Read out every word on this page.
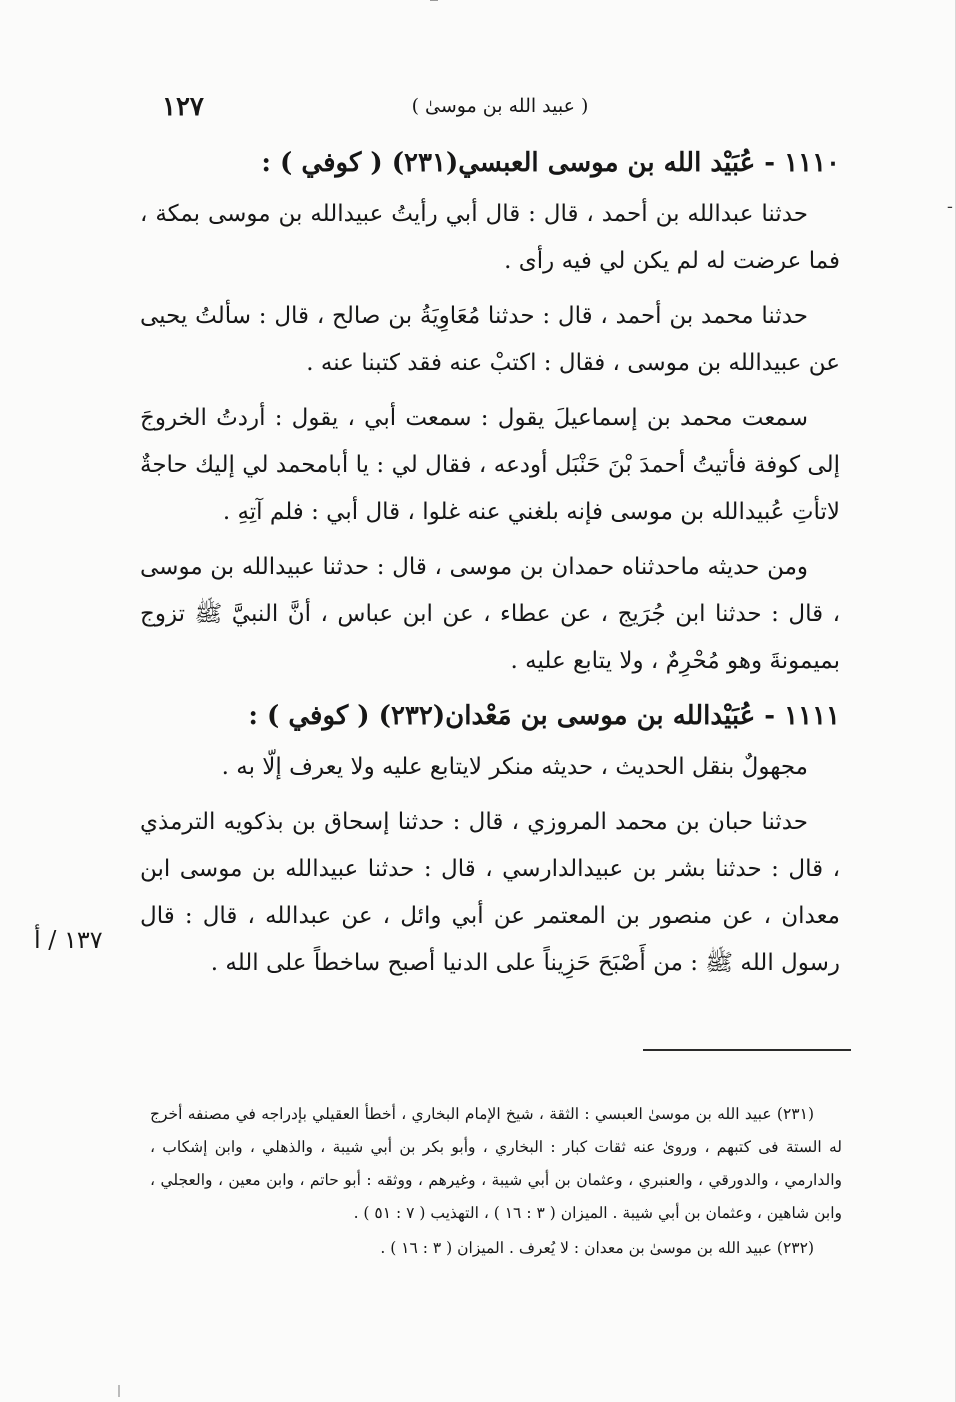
ـ
١٢٧	( عبيد الله بن موسىٰ )
١١١٠ - عُبَيْد الله بن موسى العبسي(٢٣١) ( كوفي ) :

حدثنا عبدالله بن أحمد ، قال : قال أبي رأيتُ عبيدالله بن موسى بمكة ، فما عرضت له لم يكن لي فيه رأى .

حدثنا محمد بن أحمد ، قال : حدثنا مُعَاوِيَةُ بن صالح ، قال : سألتُ يحيى عن عبيدالله بن موسى ، فقال : اكتبْ عنه فقد كتبنا عنه .

سمعت محمد بن إسماعيلَ يقول : سمعت أبي ، يقول : أردتُ الخروجَ إلى كوفة فأتيتُ أحمدَ بْنَ حَنْبَل أودعه ، فقال لي : يا أبامحمد لي إليك حاجةٌ لاتأتِ عُبيدالله بن موسى فإنه بلغني عنه غلوا ، قال أبي : فلم آتِهِ .

ومن حديثه ماحدثناه حمدان بن موسى ، قال : حدثنا عبيدالله بن موسى ، قال : حدثنا ابن جُرَيج ، عن عطاء ، عن ابن عباس ، أنَّ النبيَّ ﷺ تزوج بميمونةَ وهو مُحْرِمٌ ، ولا يتابع عليه .

١١١١ - عُبَيْدالله بن موسى بن مَعْدان(٢٣٢) ( كوفي ) :

مجهولٌ بنقل الحديث ، حديثه منكر لايتابع عليه ولا يعرف إلّا به .

حدثنا حبان بن محمد المروزي ، قال : حدثنا إسحاق بن بذكويه الترمذي ، قال : حدثنا بشر بن عبيدالدارسي ، قال : حدثنا عبيدالله بن موسى ابن معدان ، عن منصور بن المعتمر عن أبي وائل ، عن عبدالله ، قال : قال رسول الله ﷺ : من أَصْبَحَ حَزِيناً على الدنيا أصبح ساخطاً على الله .

١٣٧ / أ

(٢٣١) عبيد الله بن موسىٰ العبسي : الثقة ، شيخ الإمام البخاري ، أخطأ العقيلي بإدراجه في مصنفه أخرج له الستة فى كتبهم ، وروىٰ عنه ثقات كبار : البخاري ، وأبو بكر بن أبي شيبة ، والذهلي ، وابن إشكاب ، والدارمي ، والدورقي ، والعنبري ، وعثمان بن أبي شيبة ، وغيرهم ، ووثقه : أبو حاتم ، وابن معين ، والعجلي ، وابن شاهين ، وعثمان بن أبي شيبة . الميزان ( ٣ : ١٦ ) ، التهذيب ( ٧ : ٥١ ) .

(٢٣٢) عبيد الله بن موسىٰ بن معدان : لا يُعرف . الميزان ( ٣ : ١٦ ) .
